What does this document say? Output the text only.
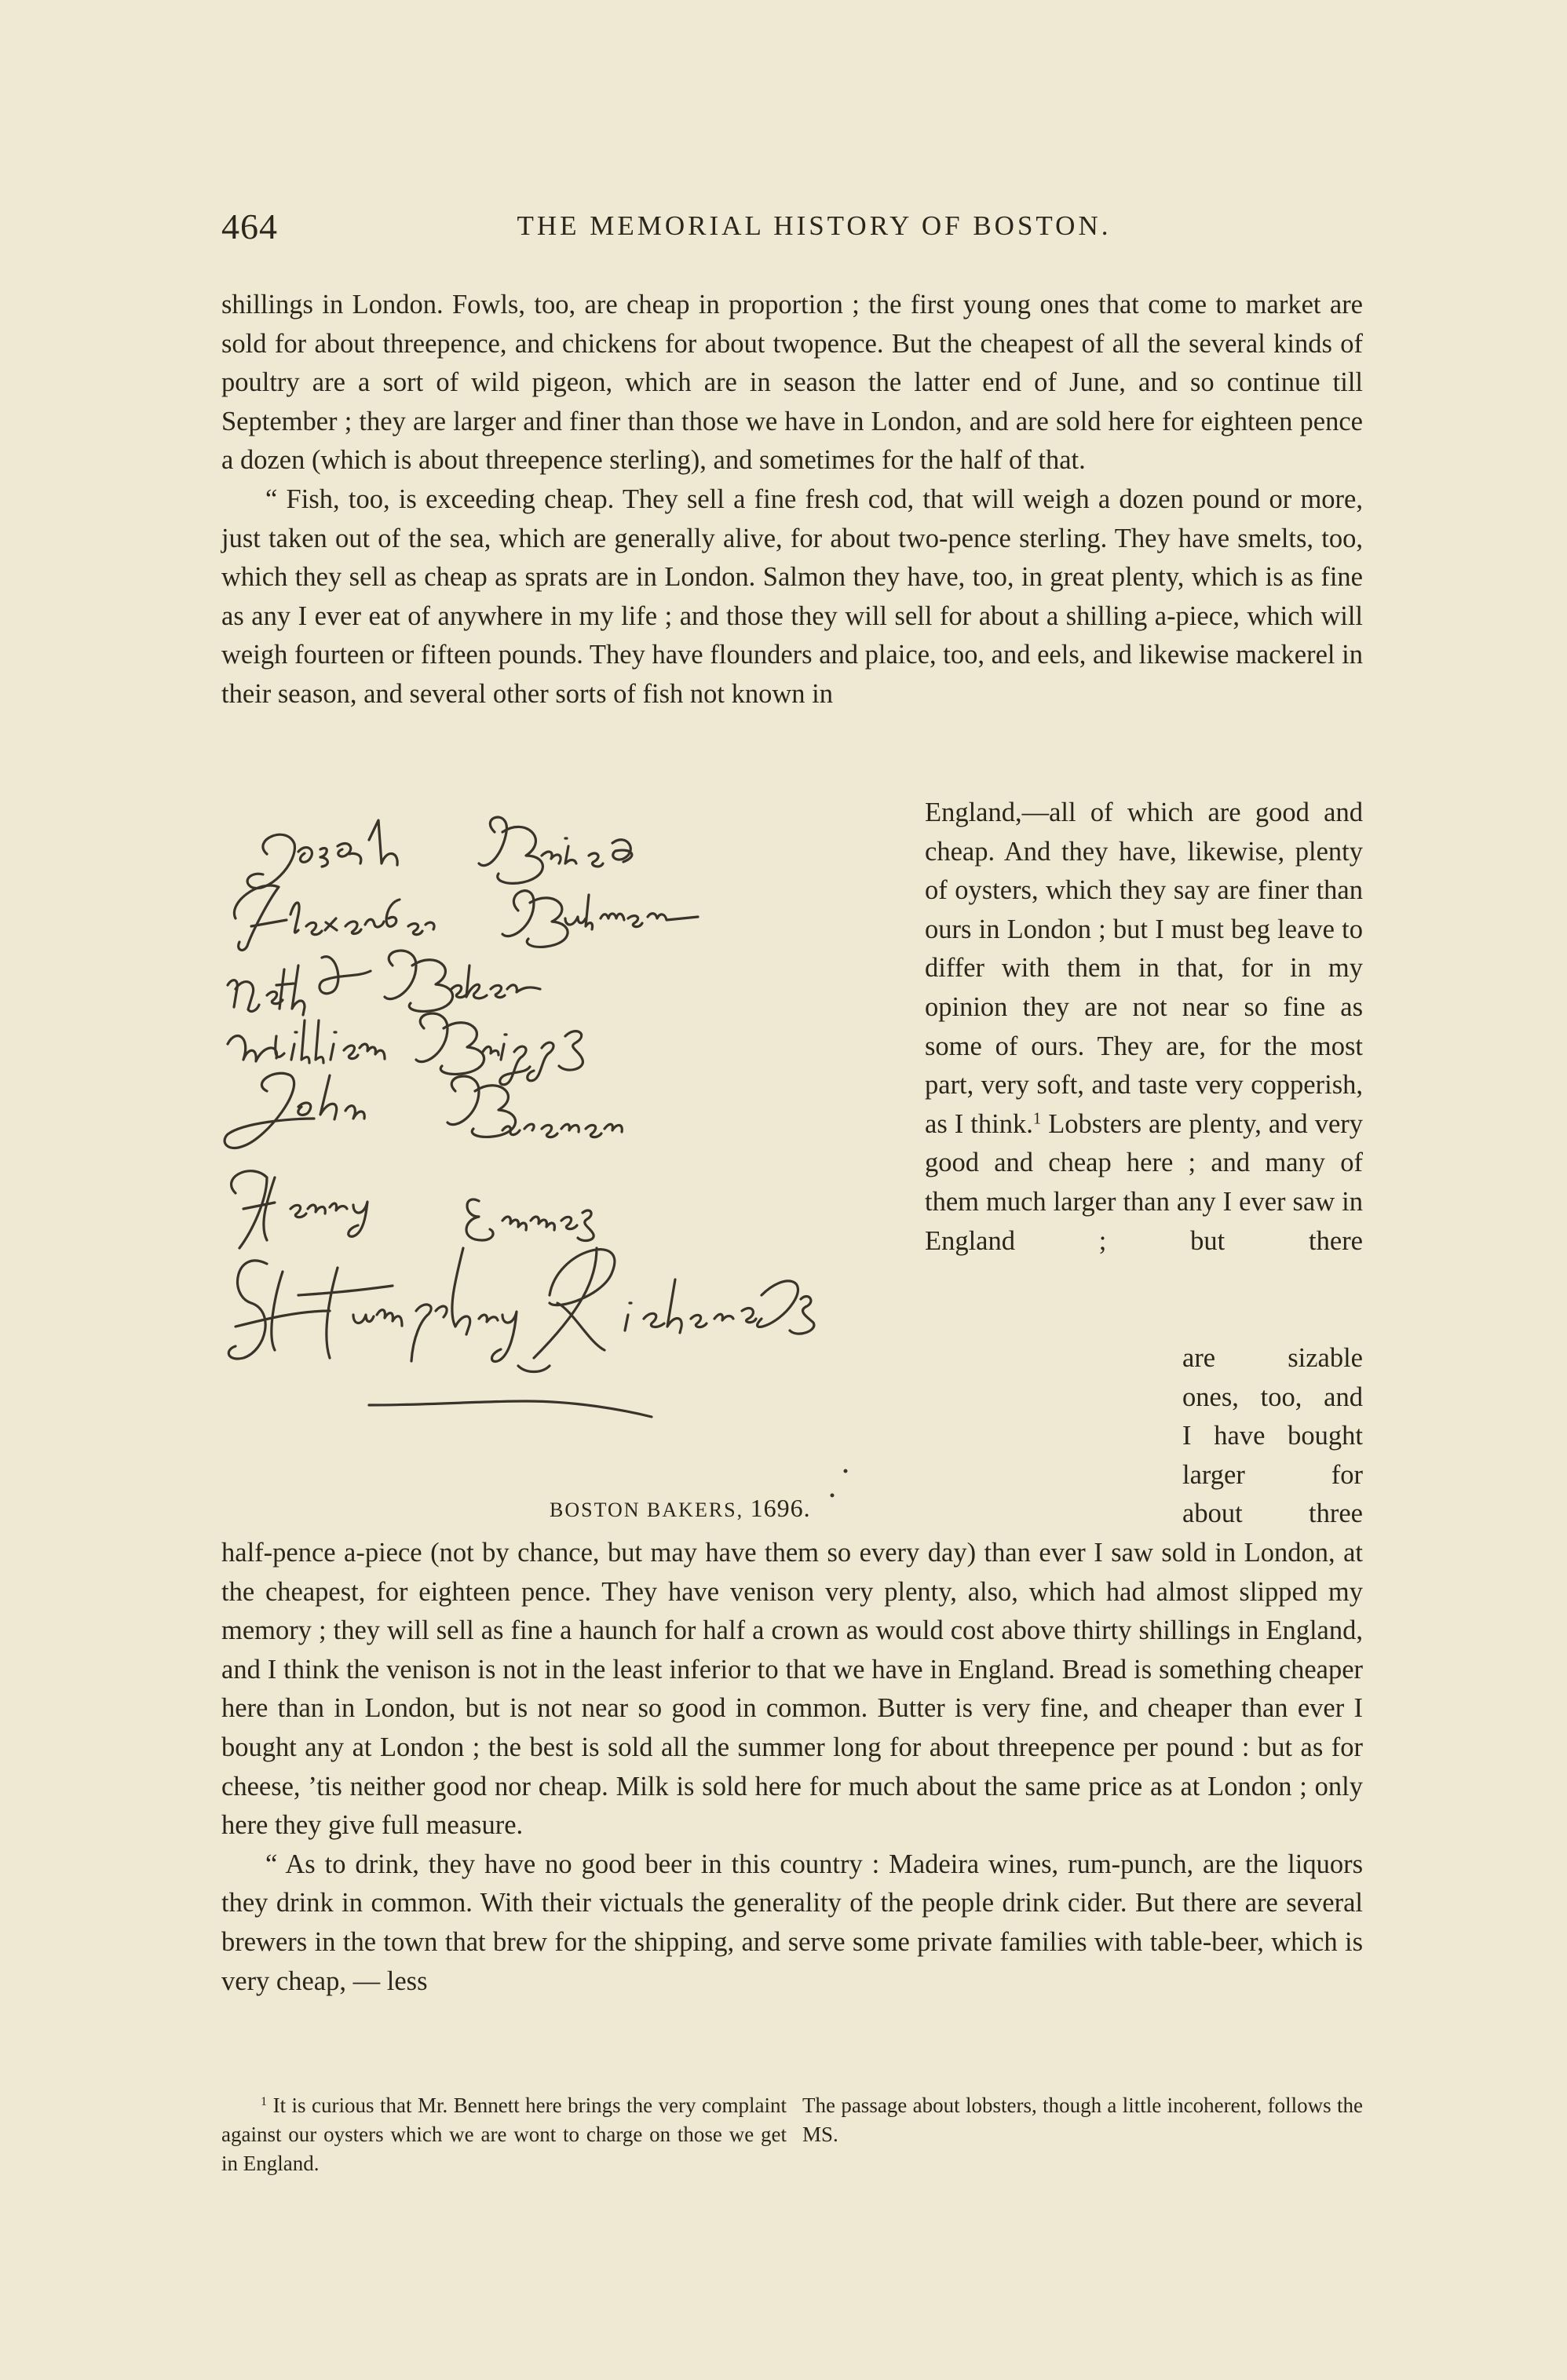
464	THE MEMORIAL HISTORY OF BOSTON.

shillings in London. Fowls, too, are cheap in proportion ; the first young ones that come to market are sold for about threepence, and chickens for about twopence. But the cheapest of all the several kinds of poultry are a sort of wild pigeon, which are in season the latter end of June, and so continue till September ; they are larger and finer than those we have in London, and are sold here for eighteen pence a dozen (which is about threepence sterling), and sometimes for the half of that.

“ Fish, too, is exceeding cheap. They sell a fine fresh cod, that will weigh a dozen pound or more, just taken out of the sea, which are generally alive, for about two-pence sterling. They have smelts, too, which they sell as cheap as sprats are in London. Salmon they have, too, in great plenty, which is as fine as any I ever eat of anywhere in my life ; and those they will sell for about a shilling a-piece, which will weigh fourteen or fifteen pounds. They have flounders and plaice, too, and eels, and likewise mackerel in their season, and several other sorts of fish not known in

England,—all of which are good and cheap. And they have, likewise, plenty of oysters, which they say are finer than ours in London ; but I must beg leave to differ with them in that, for in my opinion they are not near so fine as some of ours. They are, for the most part, very soft, and taste very copperish, as I think.$^1$ Lobsters are plenty, and very good and cheap here ; and many of them much larger than any I ever saw in England ; but there

are sizable
ones, too, and
I have bought
larger for
about three
BOSTON BAKERS, 1696.

half-pence a-piece (not by chance, but may have them so every day) than ever I saw sold in London, at the cheapest, for eighteen pence. They have venison very plenty, also, which had almost slipped my memory ; they will sell as fine a haunch for half a crown as would cost above thirty shillings in England, and I think the venison is not in the least inferior to that we have in England. Bread is something cheaper here than in London, but is not near so good in common. Butter is very fine, and cheaper than ever I bought any at London ; the best is sold all the summer long for about threepence per pound : but as for cheese, ’tis neither good nor cheap. Milk is sold here for much about the same price as at London ; only here they give full measure.

“ As to drink, they have no good beer in this country : Madeira wines, rum-punch, are the liquors they drink in common. With their victuals the generality of the people drink cider. But there are several brewers in the town that brew for the shipping, and serve some private families with table-beer, which is very cheap, — less

$^1$ It is curious that Mr. Bennett here brings the very complaint against our oysters which we are wont to charge on those we get in England.

The passage about lobsters, though a little incoherent, follows the MS.
